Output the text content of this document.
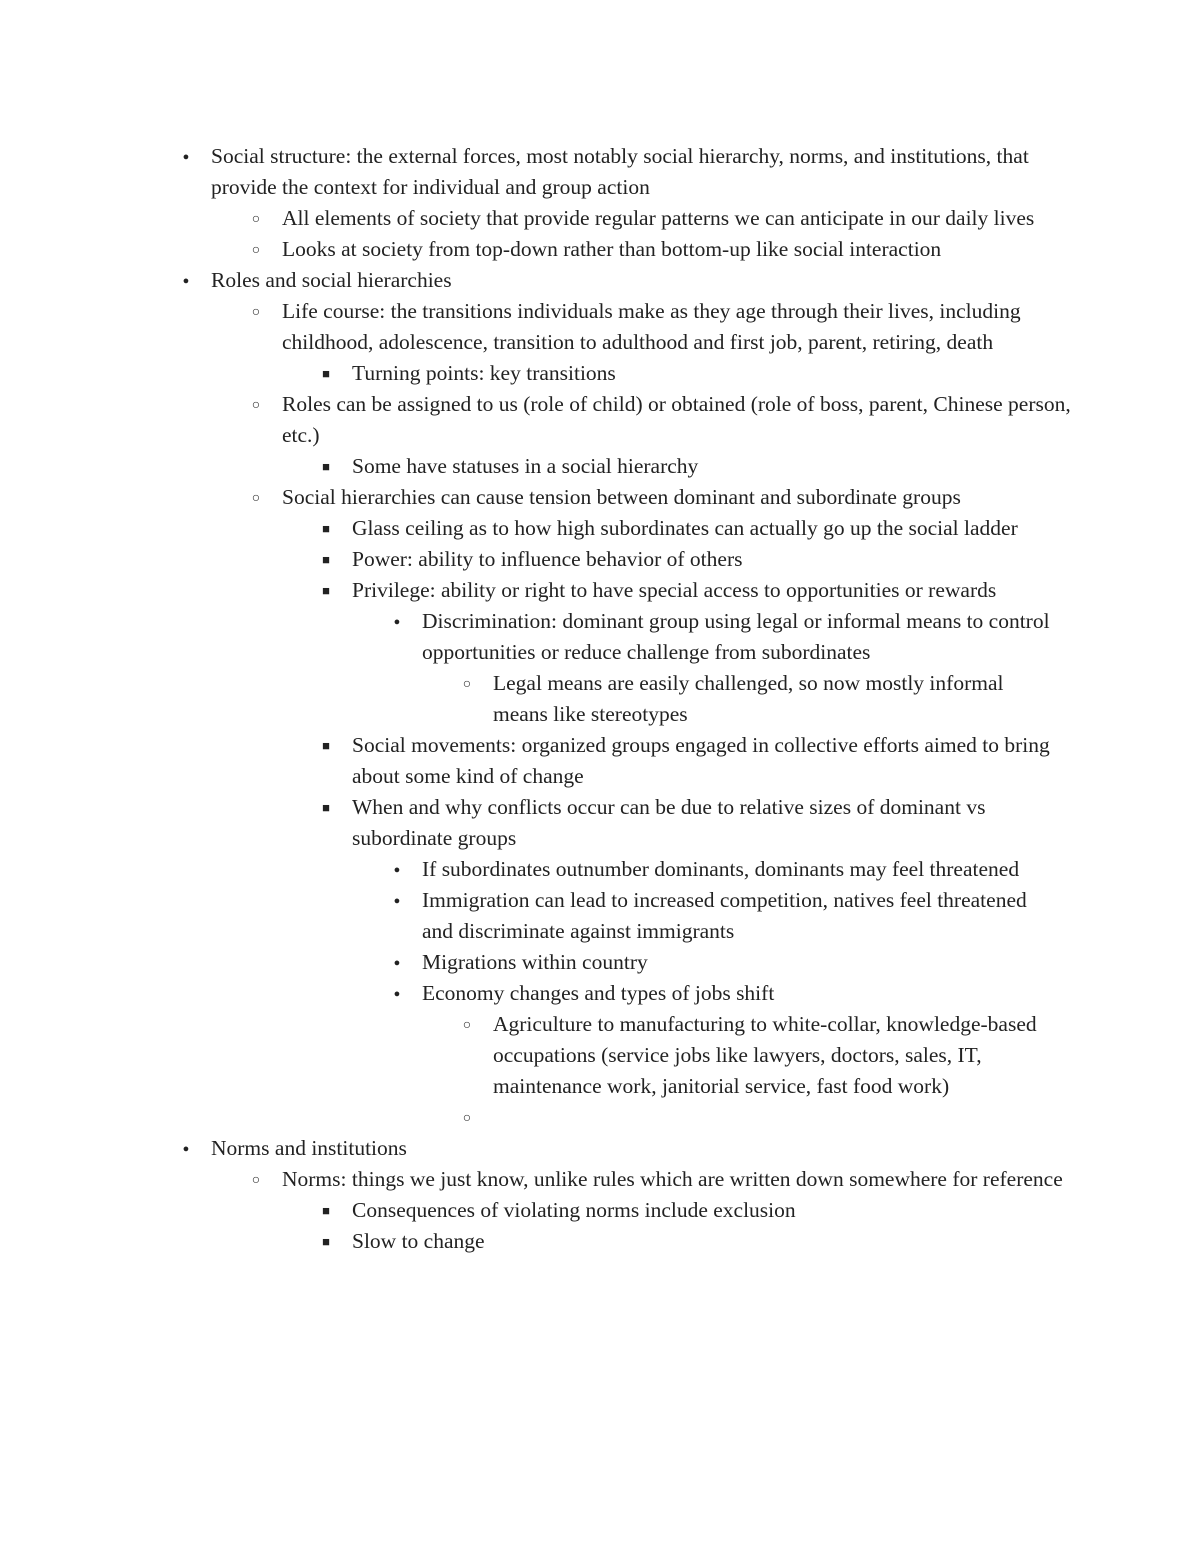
●
Social structure: the external forces, most notably social hierarchy, norms, and institutions, that provide the context for individual and group action
○
All elements of society that provide regular patterns we can anticipate in our daily lives
○
Looks at society from top-down rather than bottom-up like social interaction
●
Roles and social hierarchies
○
Life course: the transitions individuals make as they age through their lives, including childhood, adolescence, transition to adulthood and first job, parent, retiring, death
■
Turning points: key transitions
○
Roles can be assigned to us (role of child) or obtained (role of boss, parent, Chinese person, etc.)
■
Some have statuses in a social hierarchy
○
Social hierarchies can cause tension between dominant and subordinate groups
■
Glass ceiling as to how high subordinates can actually go up the social ladder
■
Power: ability to influence behavior of others
■
Privilege: ability or right to have special access to opportunities or rewards
●
Discrimination: dominant group using legal or informal means to control opportunities or reduce challenge from subordinates
○
Legal means are easily challenged, so now mostly informal means like stereotypes
■
Social movements: organized groups engaged in collective efforts aimed to bring about some kind of change
■
When and why conflicts occur can be due to relative sizes of dominant vs subordinate groups
●
If subordinates outnumber dominants, dominants may feel threatened
●
Immigration can lead to increased competition, natives feel threatened and discriminate against immigrants
●
Migrations within country
●
Economy changes and types of jobs shift
○
Agriculture to manufacturing to white-collar, knowledge-based occupations (service jobs like lawyers, doctors, sales, IT, maintenance work, janitorial service, fast food work)
○

●
Norms and institutions
○
Norms: things we just know, unlike rules which are written down somewhere for reference
■
Consequences of violating norms include exclusion
■
Slow to change
